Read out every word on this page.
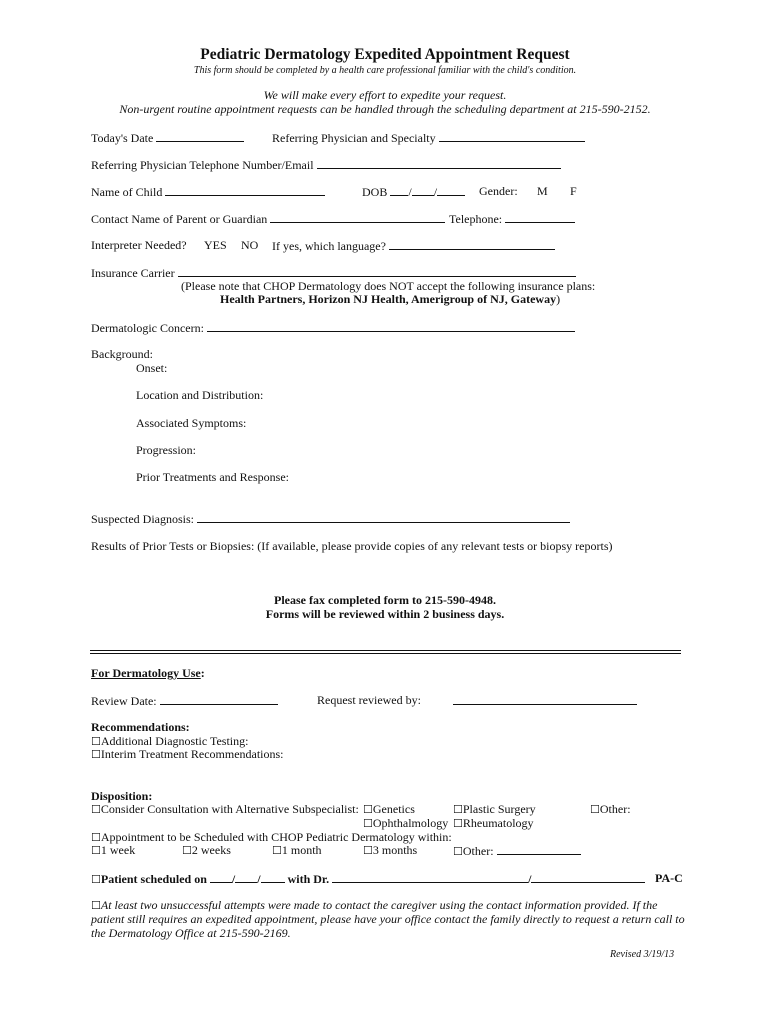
Pediatric Dermatology Expedited Appointment Request
This form should be completed by a health care professional familiar with the child's condition.
We will make every effort to expedite your request.
Non-urgent routine appointment requests can be handled through the scheduling department at 215-590-2152.
Today's Date	Referring Physician and Specialty
Referring Physician Telephone Number/Email
Name of Child	DOB / /	Gender: M F
Contact Name of Parent or Guardian	Telephone:
Interpreter Needed? YES NO If yes, which language?
Insurance Carrier
(Please note that CHOP Dermatology does NOT accept the following insurance plans:
Health Partners, Horizon NJ Health, Amerigroup of NJ, Gateway)
Dermatologic Concern:
Background:
Onset:
Location and Distribution:
Associated Symptoms:
Progression:
Prior Treatments and Response:
Suspected Diagnosis:
Results of Prior Tests or Biopsies: (If available, please provide copies of any relevant tests or biopsy reports)
Please fax completed form to 215-590-4948.
Forms will be reviewed within 2 business days.
For Dermatology Use:
Review Date:	Request reviewed by:
Recommendations:
☐Additional Diagnostic Testing:
☐Interim Treatment Recommendations:
Disposition:
☐Consider Consultation with Alternative Subspecialist: ☐Genetics	☐Plastic Surgery	☐Other:
☐Ophthalmology ☐Rheumatology
☐Appointment to be Scheduled with CHOP Pediatric Dermatology within:
☐1 week	☐2 weeks	☐1 month	☐3 months	☐Other:
☐Patient scheduled on / / with Dr.	/	PA-C
☐At least two unsuccessful attempts were made to contact the caregiver using the contact information provided. If the
patient still requires an expedited appointment, please have your office contact the family directly to request a return call to
the Dermatology Office at 215-590-2169.
Revised 3/19/13
